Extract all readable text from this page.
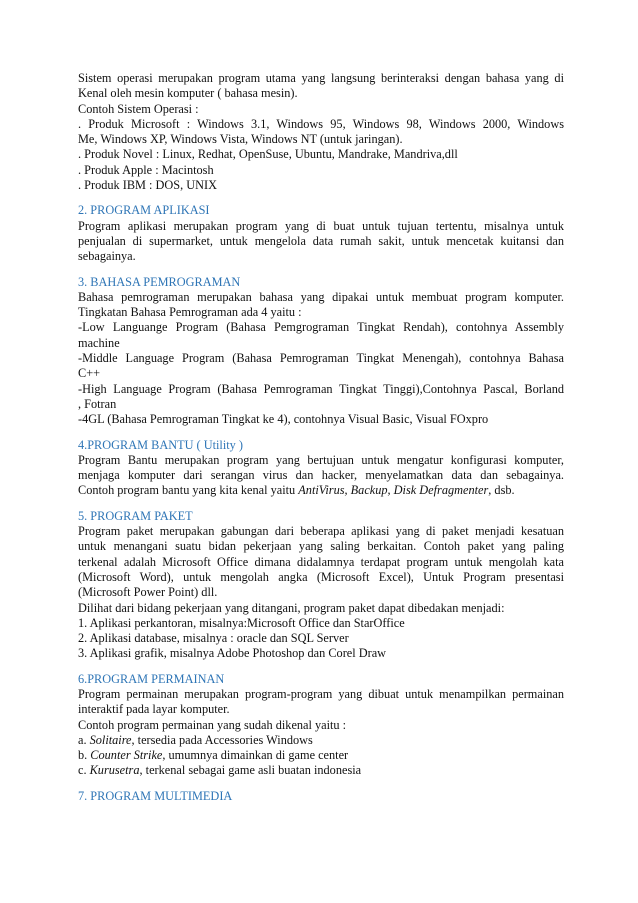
Sistem operasi merupakan program utama yang langsung berinteraksi dengan bahasa yang di
Kenal oleh mesin komputer ( bahasa mesin).
Contoh Sistem Operasi :
. Produk Microsoft : Windows 3.1, Windows 95, Windows 98, Windows 2000, Windows
Me, Windows XP, Windows Vista, Windows NT (untuk jaringan).
. Produk Novel : Linux, Redhat, OpenSuse, Ubuntu, Mandrake, Mandriva,dll
. Produk Apple : Macintosh
. Produk IBM : DOS, UNIX
2. PROGRAM APLIKASI
Program aplikasi merupakan program yang di buat untuk tujuan tertentu, misalnya untuk
penjualan di supermarket, untuk mengelola data rumah sakit, untuk mencetak kuitansi dan
sebagainya.
3. BAHASA PEMROGRAMAN
Bahasa pemrograman merupakan bahasa yang dipakai untuk membuat program komputer.
Tingkatan Bahasa Pemrograman ada 4 yaitu :
-Low Languange Program (Bahasa Pemgrograman Tingkat Rendah), contohnya Assembly
machine
-Middle Language Program (Bahasa Pemrograman Tingkat Menengah), contohnya Bahasa
C++
-High Language Program (Bahasa Pemrograman Tingkat Tinggi),Contohnya Pascal, Borland
, Fotran
-4GL (Bahasa Pemrograman Tingkat ke 4), contohnya Visual Basic, Visual FOxpro
4.PROGRAM BANTU ( Utility )
Program Bantu merupakan program yang bertujuan untuk mengatur konfigurasi komputer,
menjaga komputer dari serangan virus dan hacker, menyelamatkan data dan sebagainya.
Contoh program bantu yang kita kenal yaitu AntiVirus, Backup, Disk Defragmenter, dsb.
5. PROGRAM PAKET
Program paket merupakan gabungan dari beberapa aplikasi yang di paket menjadi kesatuan
untuk menangani suatu bidan pekerjaan yang saling berkaitan. Contoh paket yang paling
terkenal adalah Microsoft Office dimana didalamnya terdapat program untuk mengolah kata
(Microsoft Word), untuk mengolah angka (Microsoft Excel), Untuk Program presentasi
(Microsoft Power Point) dll.
Dilihat dari bidang pekerjaan yang ditangani, program paket dapat dibedakan menjadi:
1. Aplikasi perkantoran, misalnya:Microsoft Office dan StarOffice
2. Aplikasi database, misalnya : oracle dan SQL Server
3. Aplikasi grafik, misalnya Adobe Photoshop dan Corel Draw
6.PROGRAM PERMAINAN
Program permainan merupakan program-program yang dibuat untuk menampilkan permainan
interaktif pada layar komputer.
Contoh program permainan yang sudah dikenal yaitu :
a. Solitaire, tersedia pada Accessories Windows
b. Counter Strike, umumnya dimainkan di game center
c. Kurusetra, terkenal sebagai game asli buatan indonesia
7. PROGRAM MULTIMEDIA
